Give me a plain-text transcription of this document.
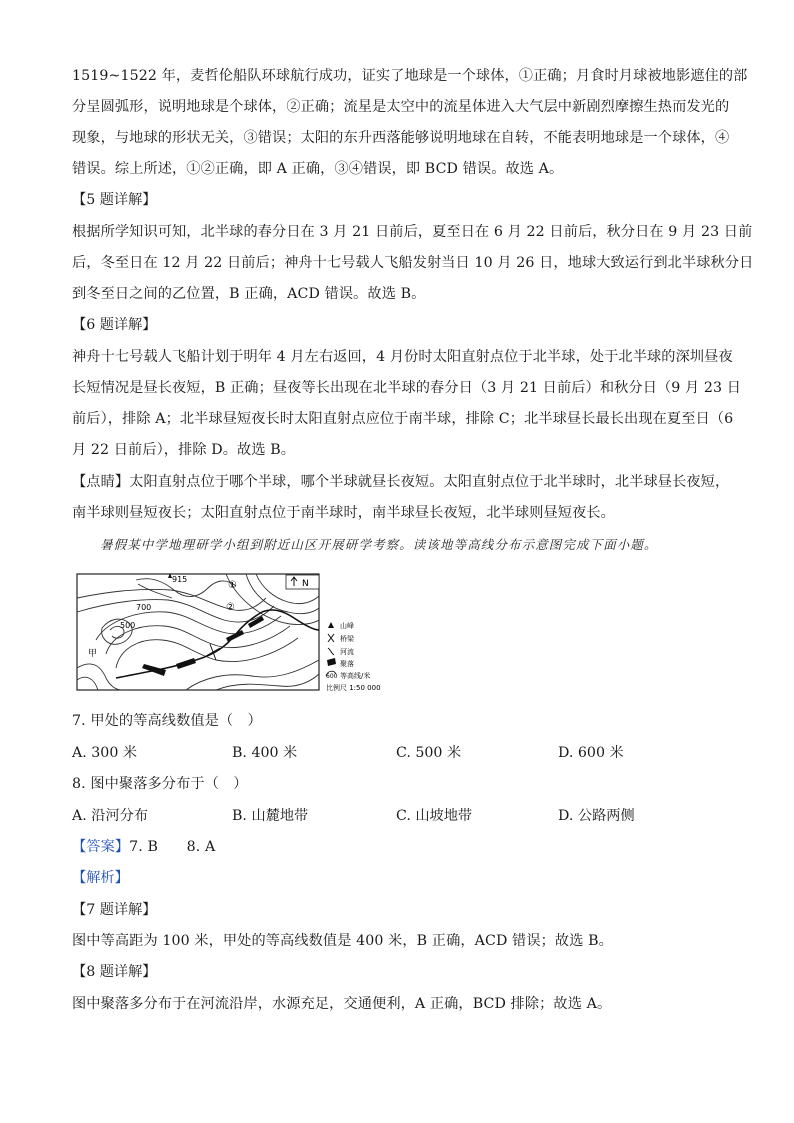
1519~1522 年，麦哲伦船队环球航行成功，证实了地球是一个球体，①正确；月食时月球被地影遮住的部
分呈圆弧形，说明地球是个球体，②正确；流星是太空中的流星体进入大气层中新剧烈摩擦生热而发光的
现象，与地球的形状无关，③错误；太阳的东升西落能够说明地球在自转，不能表明地球是一个球体，④
错误。综上所述，①②正确，即 A 正确，③④错误，即 BCD 错误。故选 A。
【5 题详解】
根据所学知识可知，北半球的春分日在 3 月 21 日前后，夏至日在 6 月 22 日前后，秋分日在 9 月 23 日前
后，冬至日在 12 月 22 日前后；神舟十七号载人飞船发射当日 10 月 26 日，地球大致运行到北半球秋分日
到冬至日之间的乙位置，B 正确，ACD 错误。故选 B。
【6 题详解】
神舟十七号载人飞船计划于明年 4 月左右返回，4 月份时太阳直射点位于北半球，处于北半球的深圳昼夜
长短情况是昼长夜短，B 正确；昼夜等长出现在北半球的春分日（3 月 21 日前后）和秋分日（9 月 23 日
前后），排除 A；北半球昼短夜长时太阳直射点应位于南半球，排除 C；北半球昼长最长出现在夏至日（6
月 22 日前后），排除 D。故选 B。
【点睛】太阳直射点位于哪个半球，哪个半球就昼长夜短。太阳直射点位于北半球时，北半球昼长夜短，
南半球则昼短夜长；太阳直射点位于南半球时，南半球昼长夜短，北半球则昼短夜长。
暑假某中学地理研学小组到附近山区开展研学考察。读该地等高线分布示意图完成下面小题。
915
700
500
甲
①
②
N
山峰
桥梁
河流
聚落
600 等高线/米
比例尺 1:50 000
7. 甲处的等高线数值是（　）
A. 300 米	B. 400 米	C. 500 米	D. 600 米
8. 图中聚落多分布于（　）
A. 沿河分布	B. 山麓地带	C. 山坡地带	D. 公路两侧
【答案】7. B　　8. A
【解析】
【7 题详解】
图中等高距为 100 米，甲处的等高线数值是 400 米，B 正确，ACD 错误；故选 B。
【8 题详解】
图中聚落多分布于在河流沿岸，水源充足，交通便利，A 正确，BCD 排除；故选 A。
